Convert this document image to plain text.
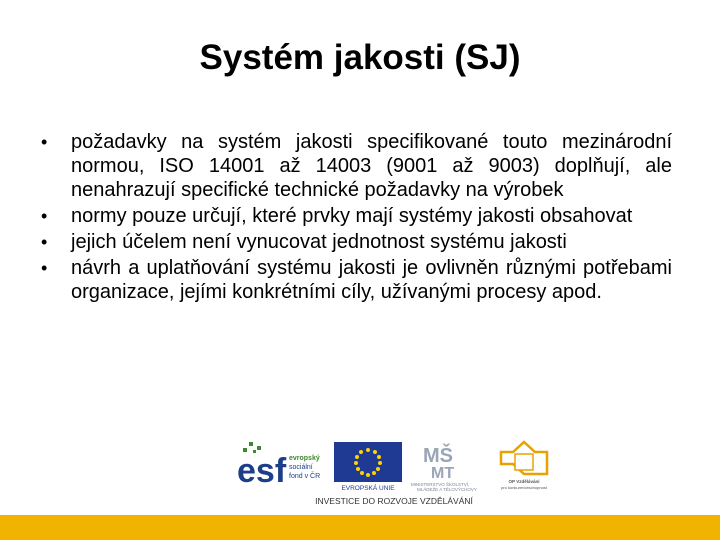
Systém jakosti (SJ)
• požadavky na systém jakosti specifikované touto mezinárodní normou, ISO 14001 až 14003 (9001 až 9003) doplňují, ale nenahrazují specifické technické požadavky na výrobek
• normy pouze určují, které prvky mají systémy jakosti obsahovat
• jejich účelem není vynucovat jednotnost systému jakosti
• návrh a uplatňování systému jakosti je ovlivněn různými potřebami organizace, jejími konkrétními cíly, užívanými procesy apod.
esf evropský
sociální
fond v ČR
EVROPSKÁ UNIE
MŠ
MT
MINISTERSTVO ŠKOLSTVÍ,
MLÁDEŽE A TĚLOVÝCHOVY
OP Vzdělávání
pro konkurenceschopnost
INVESTICE DO ROZVOJE VZDĚLÁVÁNÍ
